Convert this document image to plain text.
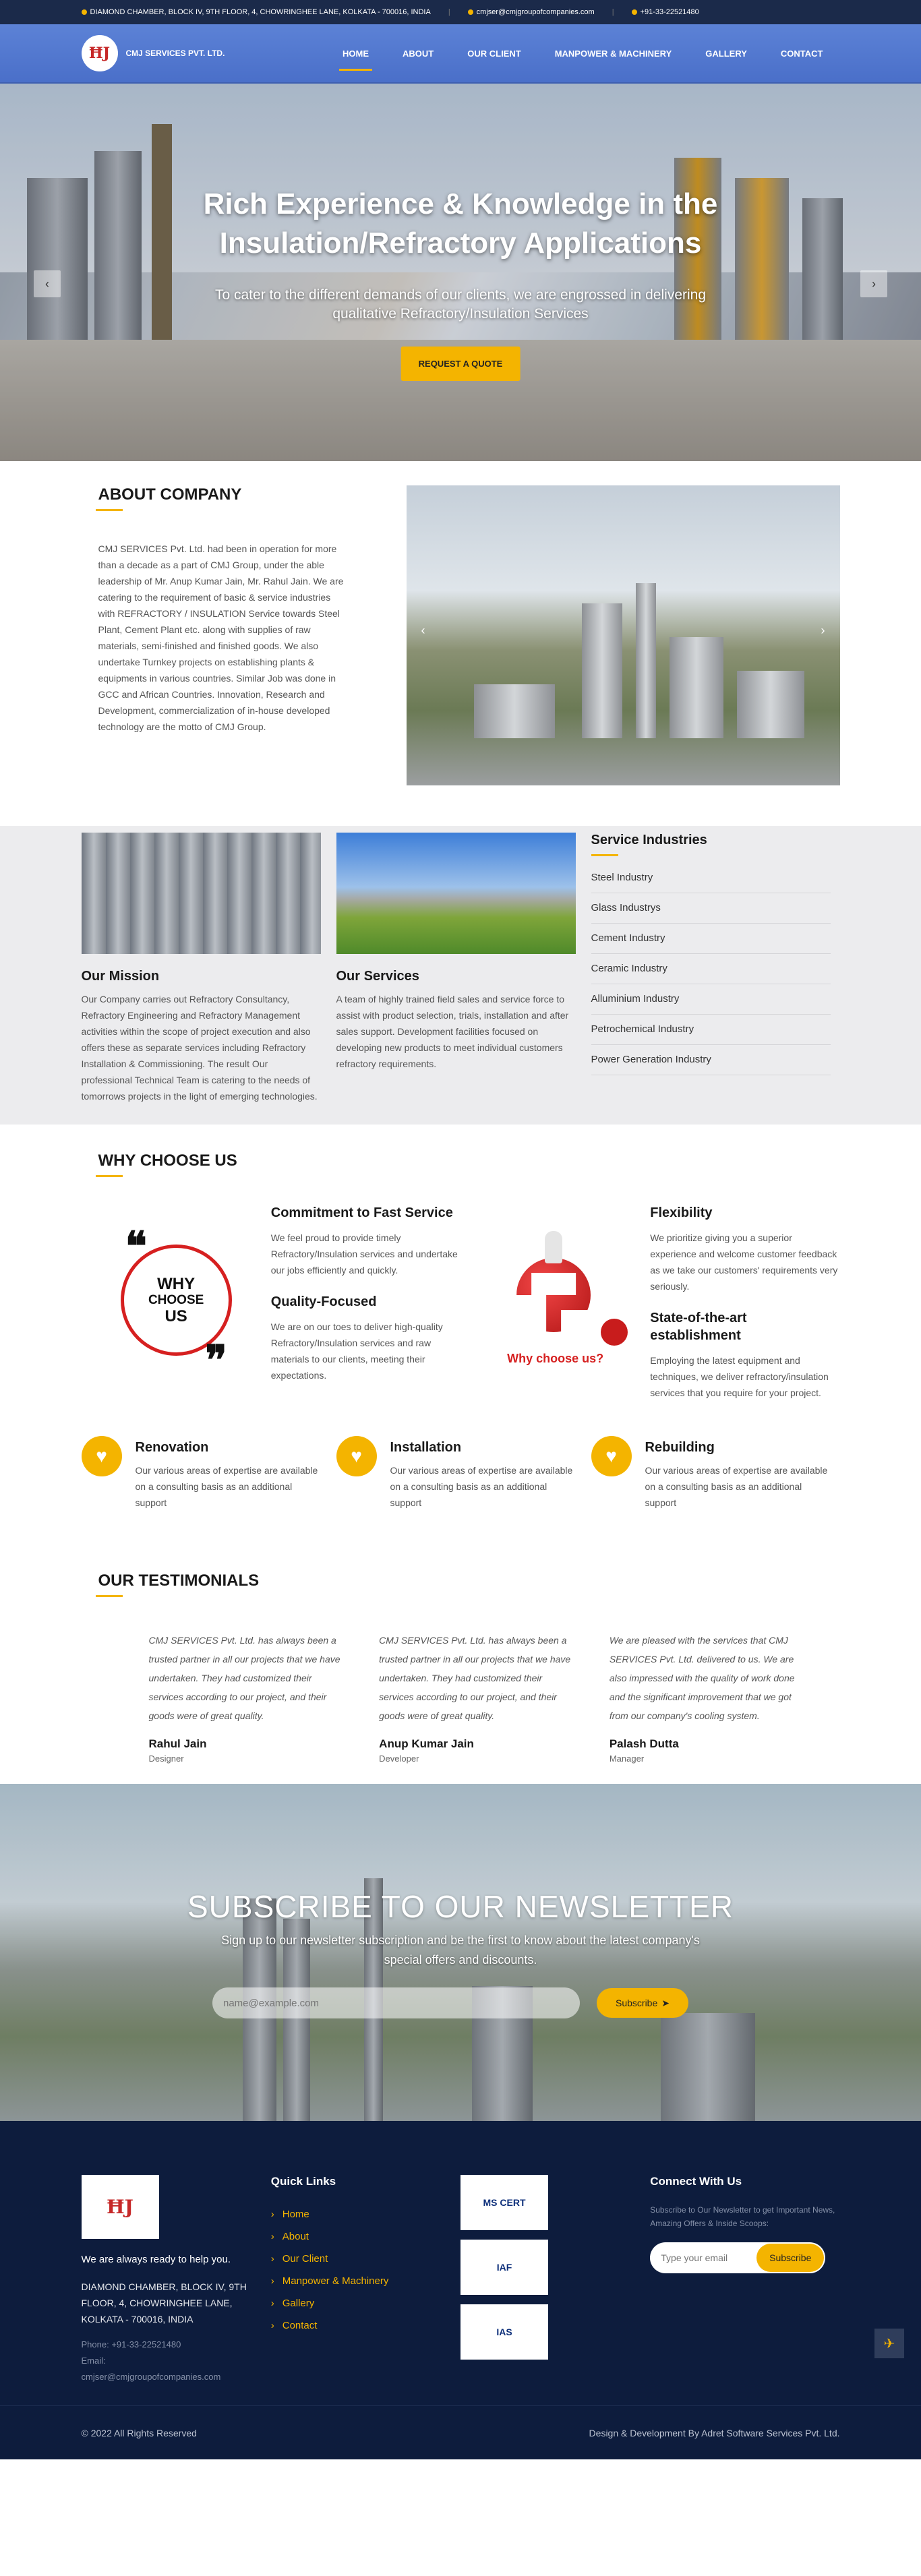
DIAMOND CHAMBER, BLOCK IV, 9TH FLOOR, 4, CHOWRINGHEE LANE, KOLKATA - 700016, INDIA |	cmjser@cmjgroupofcompanies.com |	+91-33-22521480
ĦJ	CMJ SERVICES PVT. LTD.	HOME	ABOUT	OUR CLIENT	MANPOWER & MACHINERY	GALLERY	CONTACT
Rich Experience & Knowledge in the
Insulation/Refractory Applications
To cater to the different demands of our clients, we are engrossed in delivering
qualitative Refractory/Insulation Services
REQUEST A QUOTE
‹	›
ABOUT COMPANY

CMJ SERVICES Pvt. Ltd. had been in operation for more than a decade as a part of CMJ Group, under the able leadership of Mr. Anup Kumar Jain, Mr. Rahul Jain. We are catering to the requirement of basic & service industries with REFRACTORY / INSULATION Service towards Steel Plant, Cement Plant etc. along with supplies of raw materials, semi-finished and finished goods. We also undertake Turnkey projects on establishing plants & equipments in various countries. Similar Job was done in GCC and African Countries. Innovation, Research and Development, commercialization of in-house developed technology are the motto of CMJ Group.

‹	›
Our Mission

Our Company carries out Refractory Consultancy, Refractory Engineering and Refractory Management activities within the scope of project execution and also offers these as separate services including Refractory Installation & Commissioning. The result Our professional Technical Team is catering to the needs of tomorrows projects in the light of emerging technologies.

Our Services

A team of highly trained field sales and service force to assist with product selection, trials, installation and after sales support. Development facilities focused on developing new products to meet individual customers refractory requirements.

Service Industries
Steel Industry
Glass Industrys
Cement Industry
Ceramic Industry
Alluminium Industry
Petrochemical Industry
Power Generation Industry
WHY CHOOSE US
❝
WHY
CHOOSE
US
❞
Commitment to Fast Service

We feel proud to provide timely Refractory/Insulation services and undertake our jobs efficiently and quickly.

Quality-Focused

We are on our toes to deliver high-quality Refractory/Insulation services and raw materials to our clients, meeting their expectations.

Why choose us?
Flexibility

We prioritize giving you a superior experience and welcome customer feedback as we take our customers' requirements very seriously.

State-of-the-art establishment

Employing the latest equipment and techniques, we deliver refractory/insulation services that you require for your project.

♥	Renovation

Our various areas of expertise are available on a consulting basis as an additional support

♥	Installation

Our various areas of expertise are available on a consulting basis as an additional support

♥	Rebuilding

Our various areas of expertise are available on a consulting basis as an additional support

OUR TESTIMONIALS

CMJ SERVICES Pvt. Ltd. has always been a trusted partner in all our projects that we have undertaken. They had customized their services according to our project, and their goods were of great quality.

Rahul Jain
Designer

CMJ SERVICES Pvt. Ltd. has always been a trusted partner in all our projects that we have undertaken. They had customized their services according to our project, and their goods were of great quality.

Anup Kumar Jain
Developer

We are pleased with the services that CMJ SERVICES Pvt. Ltd. delivered to us. We are also impressed with the quality of work done and the significant improvement that we got from our company's cooling system.

Palash Dutta
Manager
SUBSCRIBE TO OUR NEWSLETTER
Sign up to our newsletter subscription and be the first to know about the latest company's
special offers and discounts.
name@example.com
Subscribe ➤
ĦJ
We are always ready to help you.
DIAMOND CHAMBER, BLOCK IV, 9TH FLOOR, 4, CHOWRINGHEE LANE, KOLKATA - 700016, INDIA
Phone: +91-33-22521480
Email:
cmjser@cmjgroupofcompanies.com
Quick Links
› Home
› About
› Our Client
› Manpower & Machinery
› Gallery
› Contact
MS CERT
IAF
IAS
Connect With Us

Subscribe to Our Newsletter to get Important News, Amazing Offers & Inside Scoops:

Type your email
Subscribe
✈
© 2022 All Rights Reserved	Design & Development By Adret Software Services Pvt. Ltd.
